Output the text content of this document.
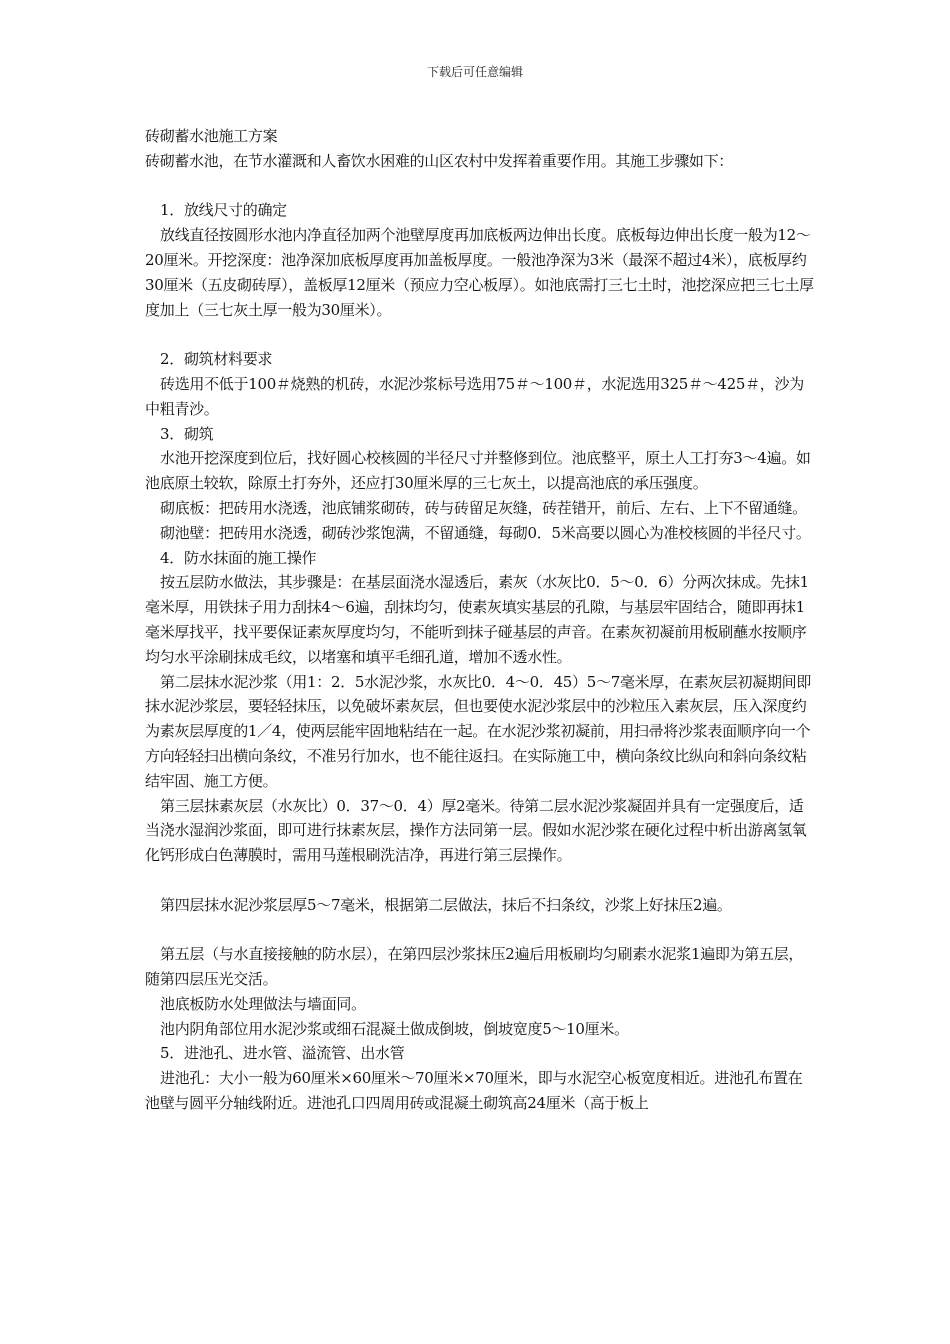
下载后可任意编辑

砖砌蓄水池施工方案

砖砌蓄水池，在节水灌溉和人畜饮水困难的山区农村中发挥着重要作用。其施工步骤如下：

1．放线尺寸的确定

放线直径按圆形水池内净直径加两个池壁厚度再加底板两边伸出长度。底板每边伸出长度一般为12～20厘米。开挖深度：池净深加底板厚度再加盖板厚度。一般池净深为3米（最深不超过4米），底板厚约30厘米（五皮砌砖厚），盖板厚12厘米（预应力空心板厚）。如池底需打三七土时，池挖深应把三七土厚度加上（三七灰土厚一般为30厘米）。

2．砌筑材料要求

砖选用不低于100＃烧熟的机砖，水泥沙浆标号选用75＃～100＃，水泥选用325＃～425＃，沙为中粗青沙。

3．砌筑

水池开挖深度到位后，找好圆心校核圆的半径尺寸并整修到位。池底整平，原土人工打夯3～4遍。如池底原土较软，除原土打夯外，还应打30厘米厚的三七灰土，以提高池底的承压强度。

砌底板：把砖用水浇透，池底铺浆砌砖，砖与砖留足灰缝，砖茬错开，前后、左右、上下不留通缝。

砌池壁：把砖用水浇透，砌砖沙浆饱满，不留通缝，每砌0．5米高要以圆心为准校核圆的半径尺寸。

4．防水抹面的施工操作

按五层防水做法，其步骤是：在基层面浇水湿透后，素灰（水灰比0．5～0．6）分两次抹成。先抹1毫米厚，用铁抹子用力刮抹4～6遍，刮抹均匀，使素灰填实基层的孔隙，与基层牢固结合，随即再抹1毫米厚找平，找平要保证素灰厚度均匀，不能听到抹子碰基层的声音。在素灰初凝前用板刷蘸水按顺序均匀水平涂刷抹成毛纹，以堵塞和填平毛细孔道，增加不透水性。

第二层抹水泥沙浆（用1：2．5水泥沙浆，水灰比0．4～0．45）5～7毫米厚，在素灰层初凝期间即抹水泥沙浆层，要轻轻抹压，以免破坏素灰层，但也要使水泥沙浆层中的沙粒压入素灰层，压入深度约为素灰层厚度的1／4，使两层能牢固地粘结在一起。在水泥沙浆初凝前，用扫帚将沙浆表面顺序向一个方向轻轻扫出横向条纹，不准另行加水，也不能往返扫。在实际施工中，横向条纹比纵向和斜向条纹粘结牢固、施工方便。

第三层抹素灰层（水灰比）0．37～0．4）厚2毫米。待第二层水泥沙浆凝固并具有一定强度后，适当浇水湿润沙浆面，即可进行抹素灰层，操作方法同第一层。假如水泥沙浆在硬化过程中析出游离氢氧化钙形成白色薄膜时，需用马莲根刷洗洁净，再进行第三层操作。

第四层抹水泥沙浆层厚5～7毫米，根据第二层做法，抹后不扫条纹，沙浆上好抹压2遍。

第五层（与水直接接触的防水层），在第四层沙浆抹压2遍后用板刷均匀刷素水泥浆1遍即为第五层，随第四层压光交活。

池底板防水处理做法与墙面同。

池内阴角部位用水泥沙浆或细石混凝土做成倒坡，倒坡宽度5～10厘米。

5．进池孔、进水管、溢流管、出水管

进池孔：大小一般为60厘米×60厘米～70厘米×70厘米，即与水泥空心板宽度相近。进池孔布置在池壁与圆平分轴线附近。进池孔口四周用砖或混凝土砌筑高24厘米（高于板上
